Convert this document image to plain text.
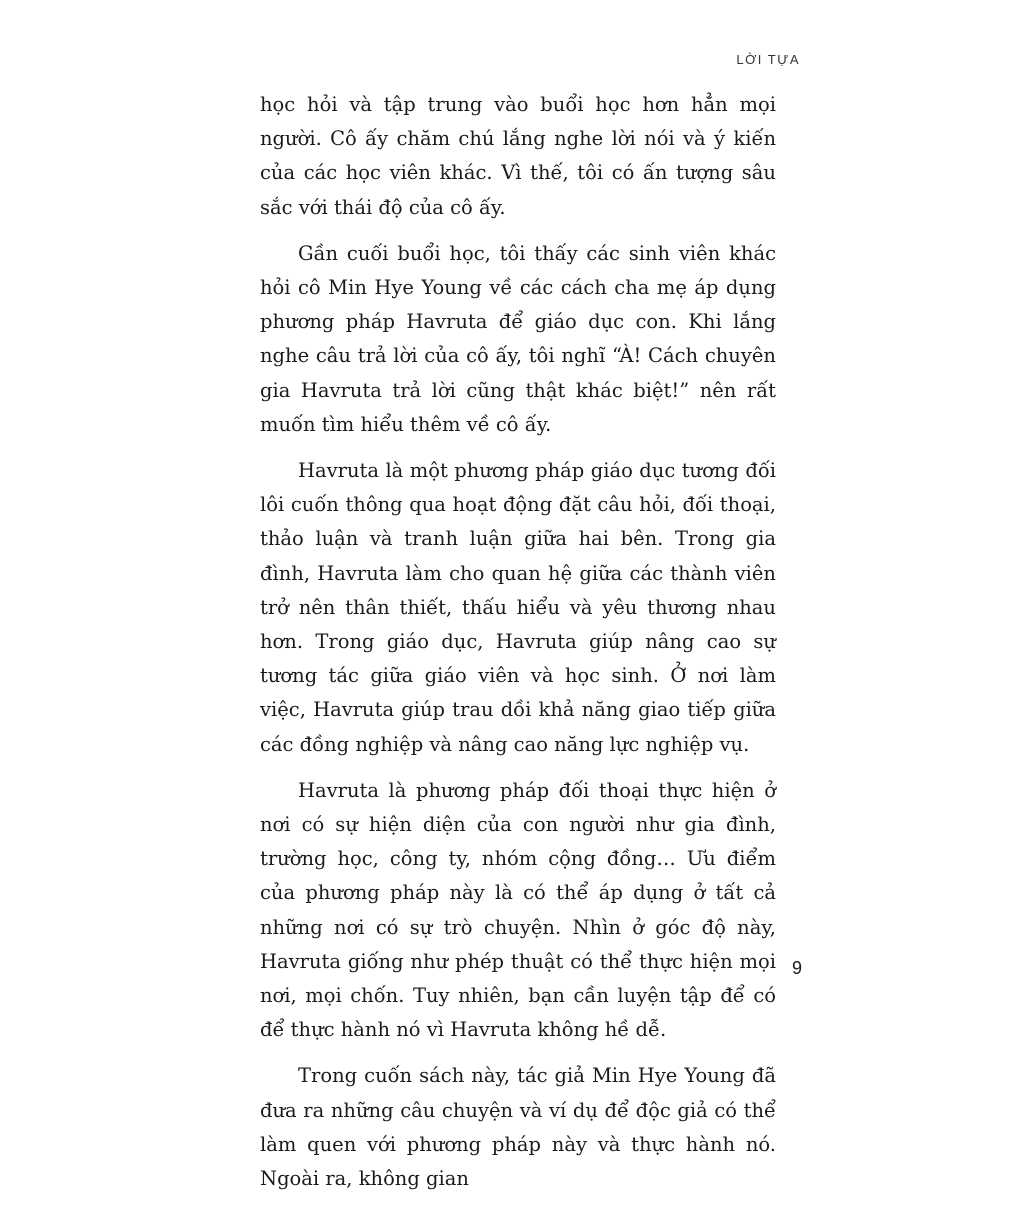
LỜI TỰA

học hỏi và tập trung vào buổi học hơn hẳn mọi người. Cô ấy chăm chú lắng nghe lời nói và ý kiến của các học viên khác. Vì thế, tôi có ấn tượng sâu sắc với thái độ của cô ấy.

Gần cuối buổi học, tôi thấy các sinh viên khác hỏi cô Min Hye Young về các cách cha mẹ áp dụng phương pháp Havruta để giáo dục con. Khi lắng nghe câu trả lời của cô ấy, tôi nghĩ “À! Cách chuyên gia Havruta trả lời cũng thật khác biệt!” nên rất muốn tìm hiểu thêm về cô ấy.

Havruta là một phương pháp giáo dục tương đối lôi cuốn thông qua hoạt động đặt câu hỏi, đối thoại, thảo luận và tranh luận giữa hai bên. Trong gia đình, Havruta làm cho quan hệ giữa các thành viên trở nên thân thiết, thấu hiểu và yêu thương nhau hơn. Trong giáo dục, Havruta giúp nâng cao sự tương tác giữa giáo viên và học sinh. Ở nơi làm việc, Havruta giúp trau dồi khả năng giao tiếp giữa các đồng nghiệp và nâng cao năng lực nghiệp vụ.

Havruta là phương pháp đối thoại thực hiện ở nơi có sự hiện diện của con người như gia đình, trường học, công ty, nhóm cộng đồng… Ưu điểm của phương pháp này là có thể áp dụng ở tất cả những nơi có sự trò chuyện. Nhìn ở góc độ này, Havruta giống như phép thuật có thể thực hiện mọi nơi, mọi chốn. Tuy nhiên, bạn cần luyện tập để có để thực hành nó vì Havruta không hề dễ.

Trong cuốn sách này, tác giả Min Hye Young đã đưa ra những câu chuyện và ví dụ để độc giả có thể làm quen với phương pháp này và thực hành nó. Ngoài ra, không gian

9
